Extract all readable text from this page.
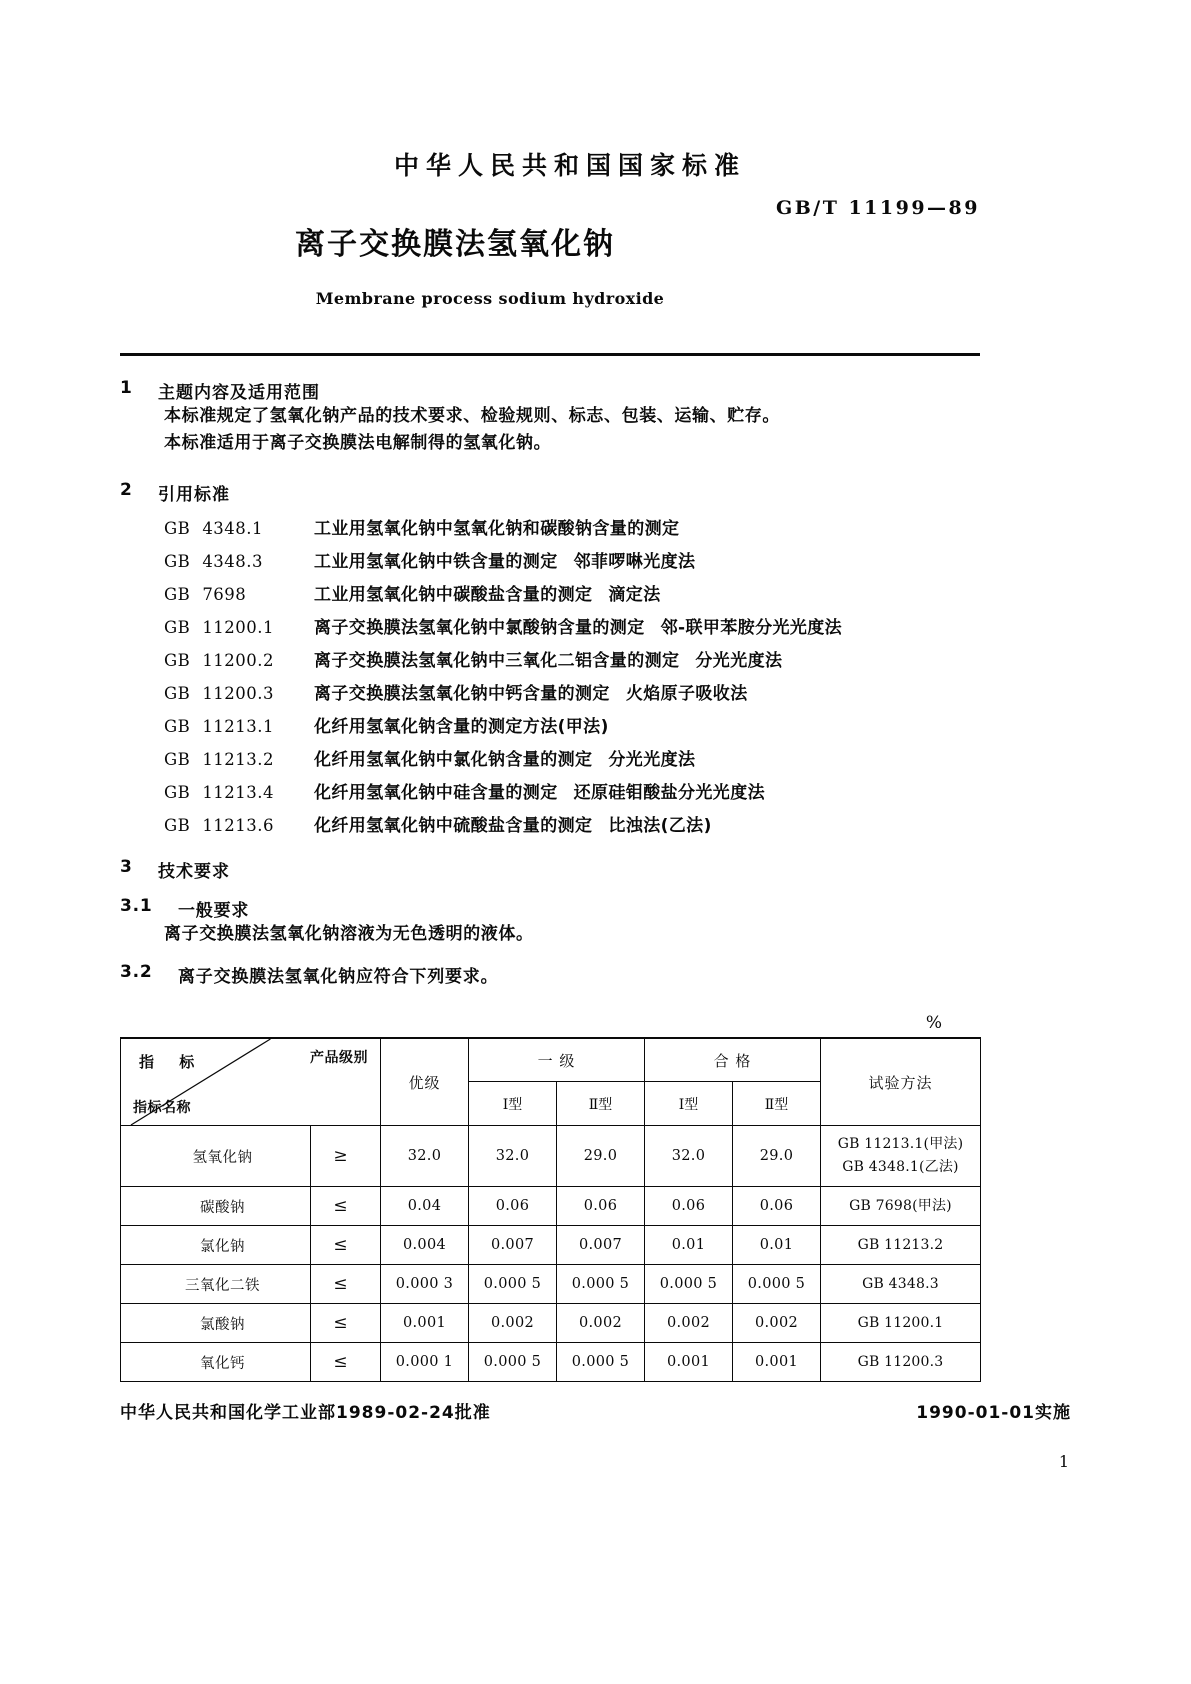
中华人民共和国国家标准
GB/T 11199—89
离子交换膜法氢氧化钠
Membrane process sodium hydroxide
1	主题内容及适用范围
本标准规定了氢氧化钠产品的技术要求、检验规则、标志、包装、运输、贮存。
本标准适用于离子交换膜法电解制得的氢氧化钠。
2	引用标准
GB 4348.1	工业用氢氧化钠中氢氧化钠和碳酸钠含量的测定
GB 4348.3	工业用氢氧化钠中铁含量的测定 邻菲啰啉光度法
GB 7698	工业用氢氧化钠中碳酸盐含量的测定 滴定法
GB 11200.1	离子交换膜法氢氧化钠中氯酸钠含量的测定 邻-联甲苯胺分光光度法
GB 11200.2	离子交换膜法氢氧化钠中三氧化二铝含量的测定 分光光度法
GB 11200.3	离子交换膜法氢氧化钠中钙含量的测定 火焰原子吸收法
GB 11213.1	化纤用氢氧化钠含量的测定方法(甲法)
GB 11213.2	化纤用氢氧化钠中氯化钠含量的测定 分光光度法
GB 11213.4	化纤用氢氧化钠中硅含量的测定 还原硅钼酸盐分光光度法
GB 11213.6	化纤用氢氧化钠中硫酸盐含量的测定 比浊法(乙法)
3	技术要求
3.1	一般要求
离子交换膜法氢氧化钠溶液为无色透明的液体。
3.2	离子交换膜法氢氧化钠应符合下列要求。
%
指 标 产品级别
指标名称		优级	一 级		合 格		试验方法
			Ⅰ型	Ⅱ型	Ⅰ型	Ⅱ型	
氢氧化钠	≥	32.0	32.0	29.0	32.0	29.0	GB 11213.1(甲法)
GB 4348.1(乙法)

碳酸钠	≤	0.04	0.06	0.06	0.06	0.06	GB 7698(甲法)

氯化钠	≤	0.004	0.007	0.007	0.01	0.01	GB 11213.2

三氧化二铁	≤	0.000 3	0.000 5	0.000 5	0.000 5	0.000 5	GB 4348.3

氯酸钠	≤	0.001	0.002	0.002	0.002	0.002	GB 11200.1

氧化钙	≤	0.000 1	0.000 5	0.000 5	0.001	0.001	GB 11200.3
中华人民共和国化学工业部1989-02-24批准	1990-01-01实施
1
